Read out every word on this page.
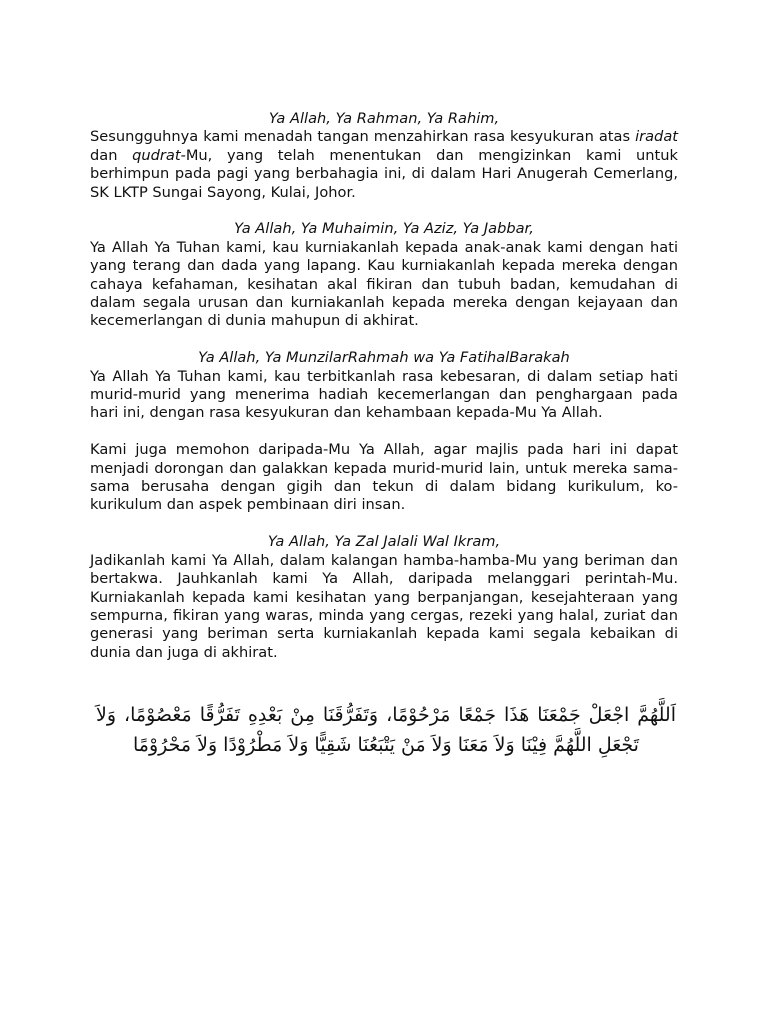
Ya Allah, Ya Rahman, Ya Rahim,

Sesungguhnya kami menadah tangan menzahirkan rasa kesyukuran atas iradat dan qudrat-Mu, yang telah menentukan dan mengizinkan kami untuk berhimpun pada pagi yang berbahagia ini, di dalam Hari Anugerah Cemerlang, SK LKTP Sungai Sayong, Kulai, Johor.

Ya Allah, Ya Muhaimin, Ya Aziz, Ya Jabbar,

Ya Allah Ya Tuhan kami, kau kurniakanlah kepada anak-anak kami dengan hati yang terang dan dada yang lapang. Kau kurniakanlah kepada mereka dengan cahaya kefahaman, kesihatan akal fikiran dan tubuh badan, kemudahan di dalam segala urusan dan kurniakanlah kepada mereka dengan kejayaan dan kecemerlangan di dunia mahupun di akhirat.

Ya Allah, Ya MunzilarRahmah wa Ya FatihalBarakah

Ya Allah Ya Tuhan kami, kau terbitkanlah rasa kebesaran, di dalam setiap hati murid-murid yang menerima hadiah kecemerlangan dan penghargaan pada hari ini, dengan rasa kesyukuran dan kehambaan kepada-Mu Ya Allah.

Kami juga memohon daripada-Mu Ya Allah, agar majlis pada hari ini dapat menjadi dorongan dan galakkan kepada murid-murid lain, untuk mereka sama-sama berusaha dengan gigih dan tekun di dalam bidang kurikulum, ko-kurikulum dan aspek pembinaan diri insan.

Ya Allah, Ya Zal Jalali Wal Ikram,

Jadikanlah kami Ya Allah, dalam kalangan hamba-hamba-Mu yang beriman dan bertakwa. Jauhkanlah kami Ya Allah, daripada melanggari perintah-Mu. Kurniakanlah kepada kami kesihatan yang berpanjangan, kesejahteraan yang sempurna, fikiran yang waras, minda yang cergas, rezeki yang halal, zuriat dan generasi yang beriman serta kurniakanlah kepada kami segala kebaikan di dunia dan juga di akhirat.

اَللَّهُمَّ اجْعَلْ جَمْعَنَا هَذَا جَمْعًا مَرْحُوْمًا، وَتَفَرُّقَنَا مِنْ بَعْدِهِ تَفَرُّقًا مَعْصُوْمًا، وَلاَ تَجْعَلِ اللَّهُمَّ فِيْنَا وَلاَ مَعَنَا وَلاَ مَنْ يَتْبَعُنَا شَقِيًّا وَلاَ مَطْرُوْدًا وَلاَ مَحْرُوْمًا
